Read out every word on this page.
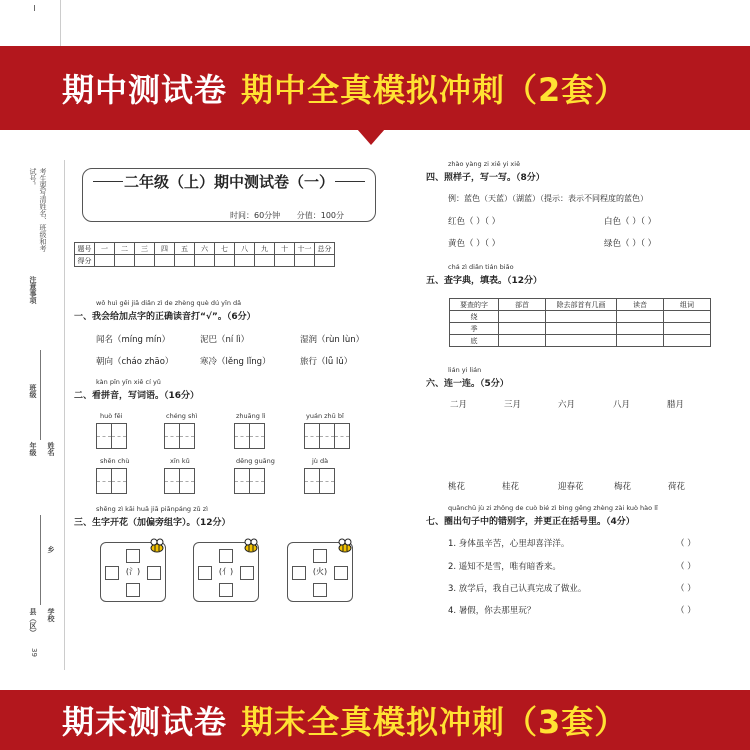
Ⅰ
期中测试卷 期中全真模拟冲刺（2套）
考生要写清姓名、班级和考试号。
注意事项
班级
年级 姓名
乡
县（区） 学校
39
二年级（上）期中测试卷（一）
时间：60分钟 分值：100分
题号	一	二	三	四	五	六	七	八	九	十	十一	总分
得分												
wǒ huì gěi jiā diǎn zì de zhèng què dú yīn dǎ
一、我会给加点字的正确读音打“√”。（6分）
闻名（míng mín）	泥巴（ní lì）	湿润（rùn lùn）
朝向（cháo zhāo）	寒冷（lěng lǐng）	旅行（lǚ lǔ）
kàn pīn yīn xiě cí yǔ
二、看拼音，写词语。（16分）
huò fēi	chéng shì	zhuāng lì	yuán zhū bǐ
shēn chù	xīn kǔ	dēng guāng	jù dà
shēng zì kāi huā jiā piānpáng zǔ zì
三、生字开花（加偏旁组字）。（12分）
(氵)	(亻)	(火)
zhào yàng zi xiě yi xiě
四、照样子，写一写。（8分）
例：蓝色（天蓝）（湖蓝）（提示：表示不同程度的蓝色）
红色（ ）（ ）	白色（ ）（ ）
黄色（ ）（ ）	绿色（ ）（ ）
chá zì diǎn tián biǎo
五、查字典，填表。（12分）
要查的字	部首	除去部首有几画	读音	组词
绕				
季				
底				
lián yi lián
六、连一连。（5分）
二月	三月	六月	八月	腊月
桃花	桂花	迎春花	梅花	荷花
quānchū jù zi zhōng de cuò bié zì bìng gēng zhèng zài kuò hào lǐ
七、圈出句子中的错别字，并更正在括号里。（4分）
1. 身体虽辛苦，心里却喜洋洋。	（ ）
2. 遥知不是雪，唯有暗香来。	（ ）
3. 放学后，我自己认真完成了做业。	（ ）
4. 暑假，你去那里玩？	（ ）
期末测试卷 期末全真模拟冲刺（3套）
